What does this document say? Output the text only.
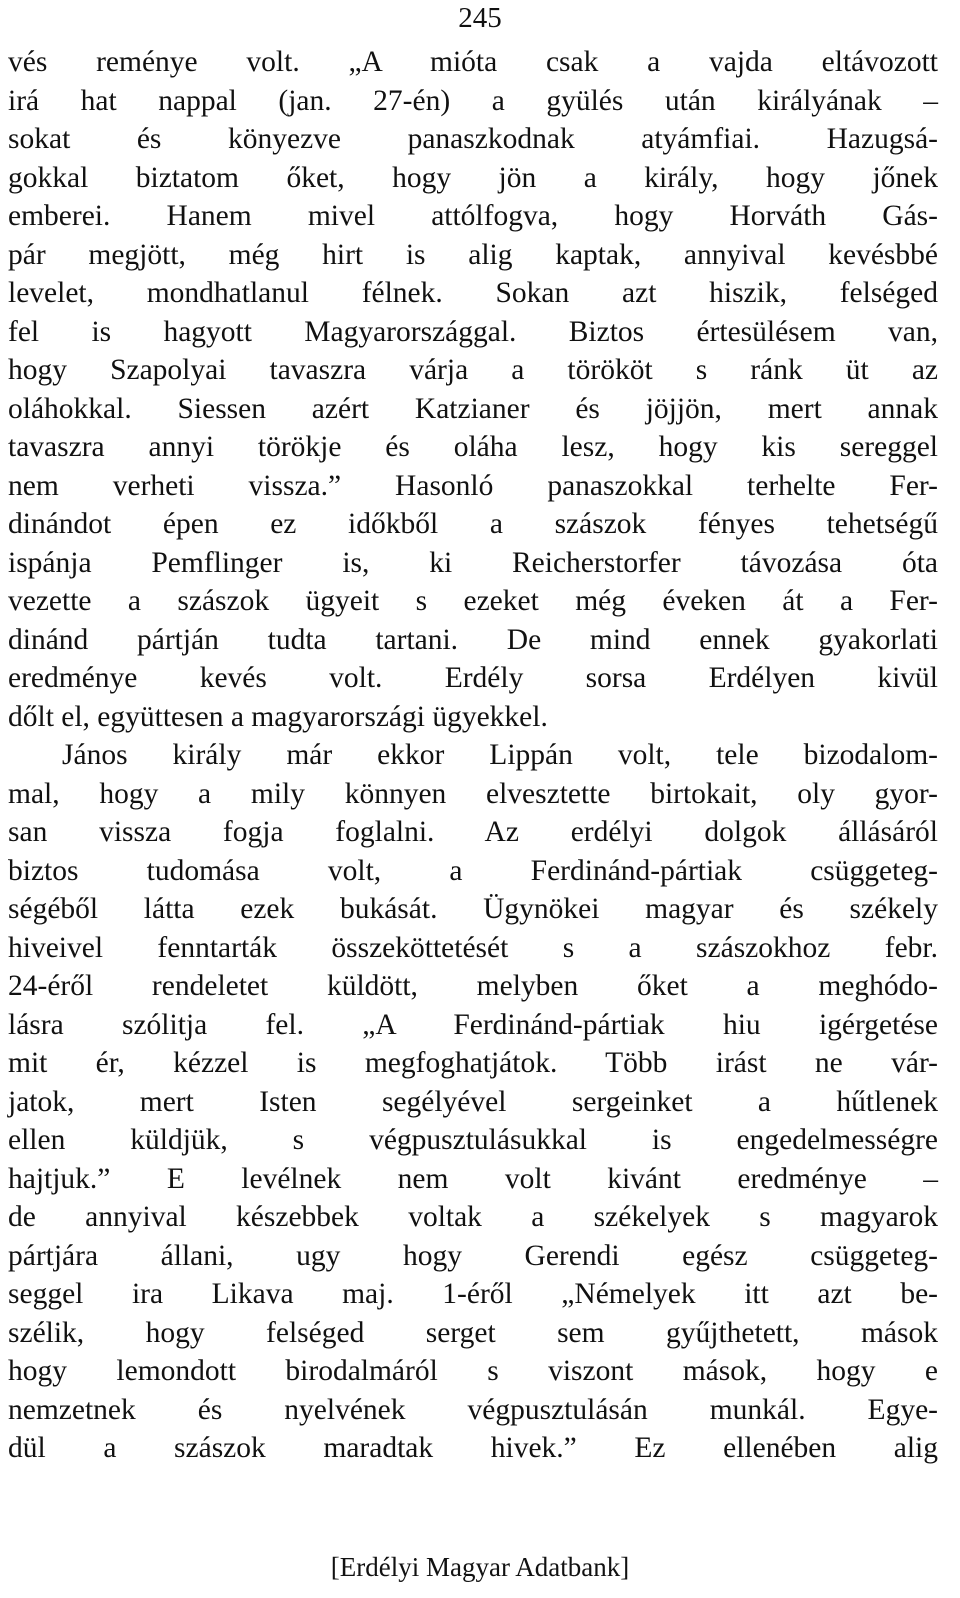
245
vés reménye volt. „A mióta csak a vajda eltávozott
irá hat nappal (jan. 27-én) a gyülés után királyának –
sokat és könyezve panaszkodnak atyámfiai. Hazugsá-
gokkal biztatom őket, hogy jön a király, hogy jőnek
emberei. Hanem mivel attólfogva, hogy Horváth Gás-
pár megjött, még hirt is alig kaptak, annyival kevésbbé
levelet, mondhatlanul félnek. Sokan azt hiszik, felséged
fel is hagyott Magyarországgal. Biztos értesülésem van,
hogy Szapolyai tavaszra várja a törököt s ránk üt az
oláhokkal. Siessen azért Katzianer és jöjjön, mert annak
tavaszra annyi törökje és oláha lesz, hogy kis sereggel
nem verheti vissza.” Hasonló panaszokkal terhelte Fer-
dinándot épen ez időkből a szászok fényes tehetségű
ispánja Pemflinger is, ki Reicherstorfer távozása óta
vezette a szászok ügyeit s ezeket még éveken át a Fer-
dinánd pártján tudta tartani. De mind ennek gyakorlati
eredménye kevés volt. Erdély sorsa Erdélyen kivül
dőlt el, együttesen a magyarországi ügyekkel.
János király már ekkor Lippán volt, tele bizodalom-
mal, hogy a mily könnyen elvesztette birtokait, oly gyor-
san vissza fogja foglalni. Az erdélyi dolgok állásáról
biztos tudomása volt, a Ferdinánd-pártiak csüggeteg-
ségéből látta ezek bukását. Ügynökei magyar és székely
hiveivel fenntarták összeköttetését s a szászokhoz febr.
24-éről rendeletet küldött, melyben őket a meghódo-
lásra szólitja fel. „A Ferdinánd-pártiak hiu igérgetése
mit ér, kézzel is megfoghatjátok. Több irást ne vár-
jatok, mert Isten segélyével sergeinket a hűtlenek
ellen küldjük, s végpusztulásukkal is engedelmességre
hajtjuk.” E levélnek nem volt kivánt eredménye –
de annyival készebbek voltak a székelyek s magyarok
pártjára állani, ugy hogy Gerendi egész csüggeteg-
seggel ira Likava maj. 1-éről „Némelyek itt azt be-
szélik, hogy felséged serget sem gyűjthetett, mások
hogy lemondott birodalmáról s viszont mások, hogy e
nemzetnek és nyelvének végpusztulásán munkál. Egye-
dül a szászok maradtak hivek.” Ez ellenében alig
[Erdélyi Magyar Adatbank]
